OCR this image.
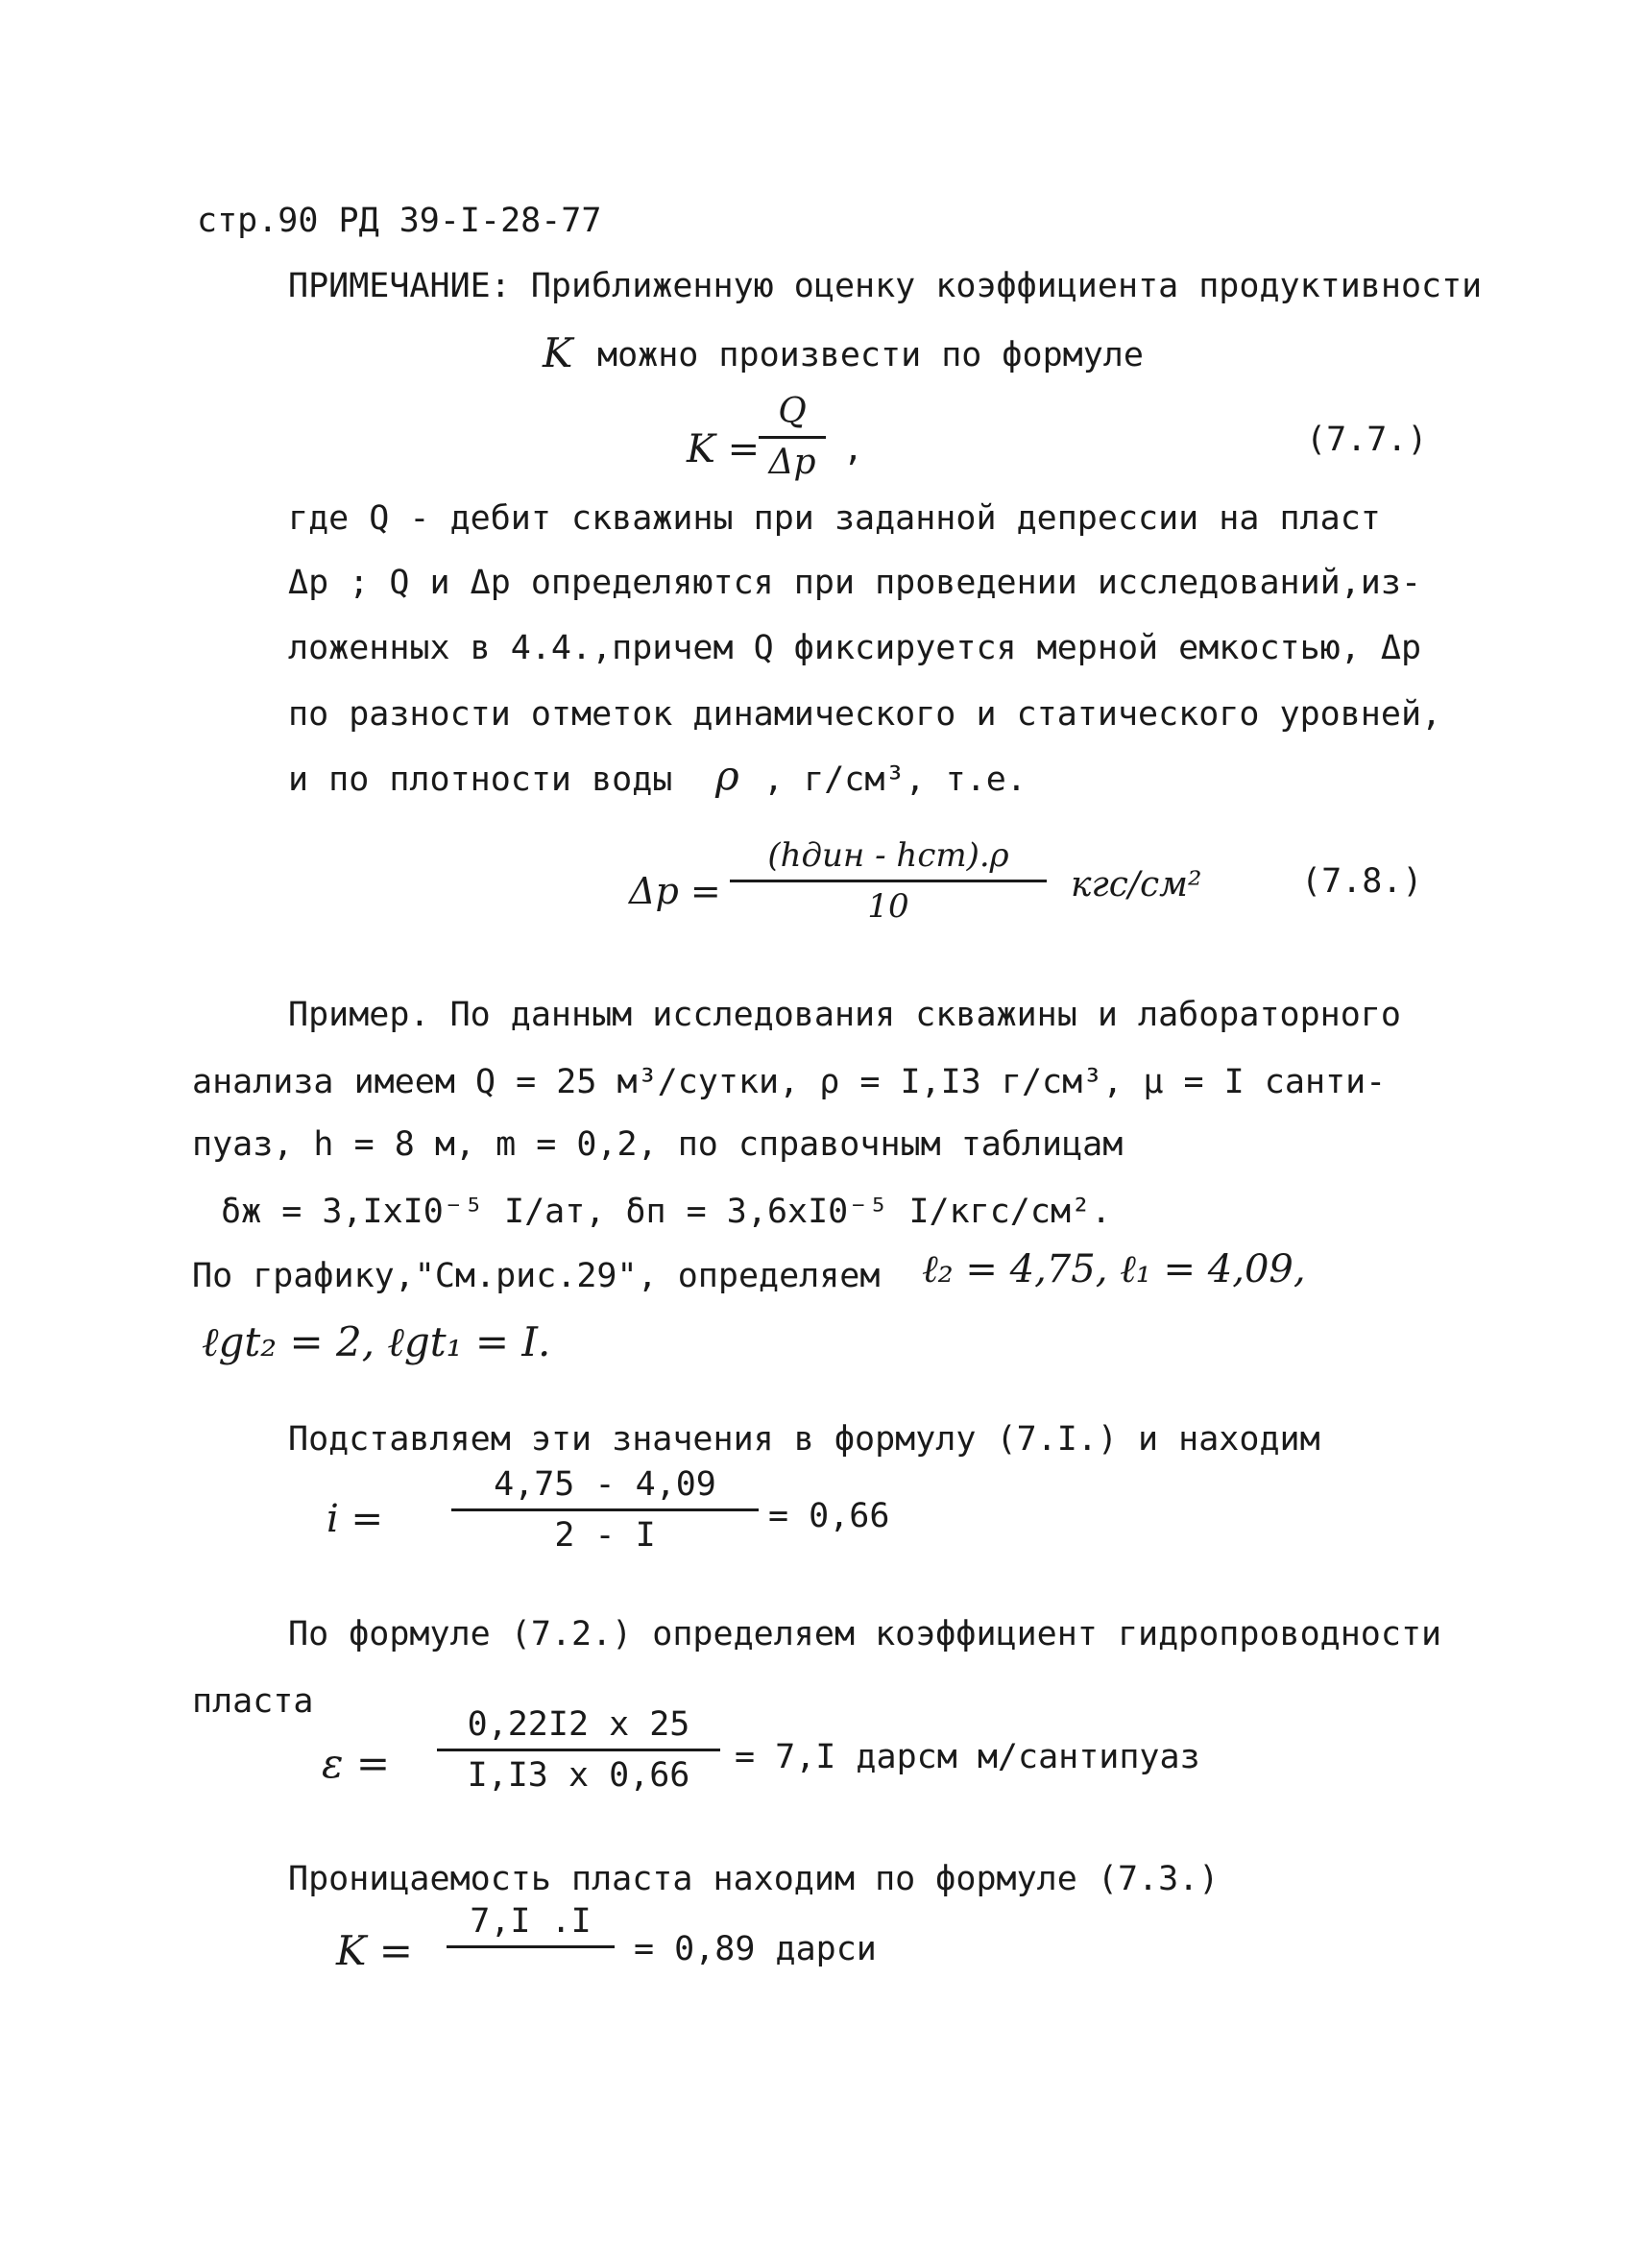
стр.90 РД 39-I-28-77
ПРИМЕЧАНИЕ: Приближенную оценку коэффициента продуктивности
K можно произвести по формуле
K =
Q
Δp ,	(7.7.)
где Q - дебит скважины при заданной депрессии на пласт
Δp ; Q и Δp определяются при проведении исследований,из-
ложенных в 4.4.,причем Q фиксируется мерной емкостью, Δp
по разности отметок динамического и статического уровней,
и по плотности воды ρ , г/см³, т.е.
Δp =
(hдин - hст).ρ
10
кгс/см²	(7.8.)
Пример. По данным исследования скважины и лабораторного
анализа имеем Q = 25 м³/сутки, ρ = I,I3 г/см³, μ = I санти-
пуаз, h = 8 м, m = 0,2, по справочным таблицам
δж = 3,IхI0⁻⁵ I/ат, δп = 3,6хI0⁻⁵ I/кгс/см².
По графику,"См.рис.29", определяем ℓ₂ = 4,75, ℓ₁ = 4,09,
ℓgt₂ = 2, ℓgt₁ = I.
Подставляем эти значения в формулу (7.I.) и находим
i =
4,75 - 4,09
2 - I	= 0,66
По формуле (7.2.) определяем коэффициент гидропроводности
пласта
ε =
0,22I2 х 25
I,I3 х 0,66	= 7,I дарсм м/сантипуаз
Проницаемость пласта находим по формуле (7.3.)
K =
7,I .I
= 0,89 дарси
